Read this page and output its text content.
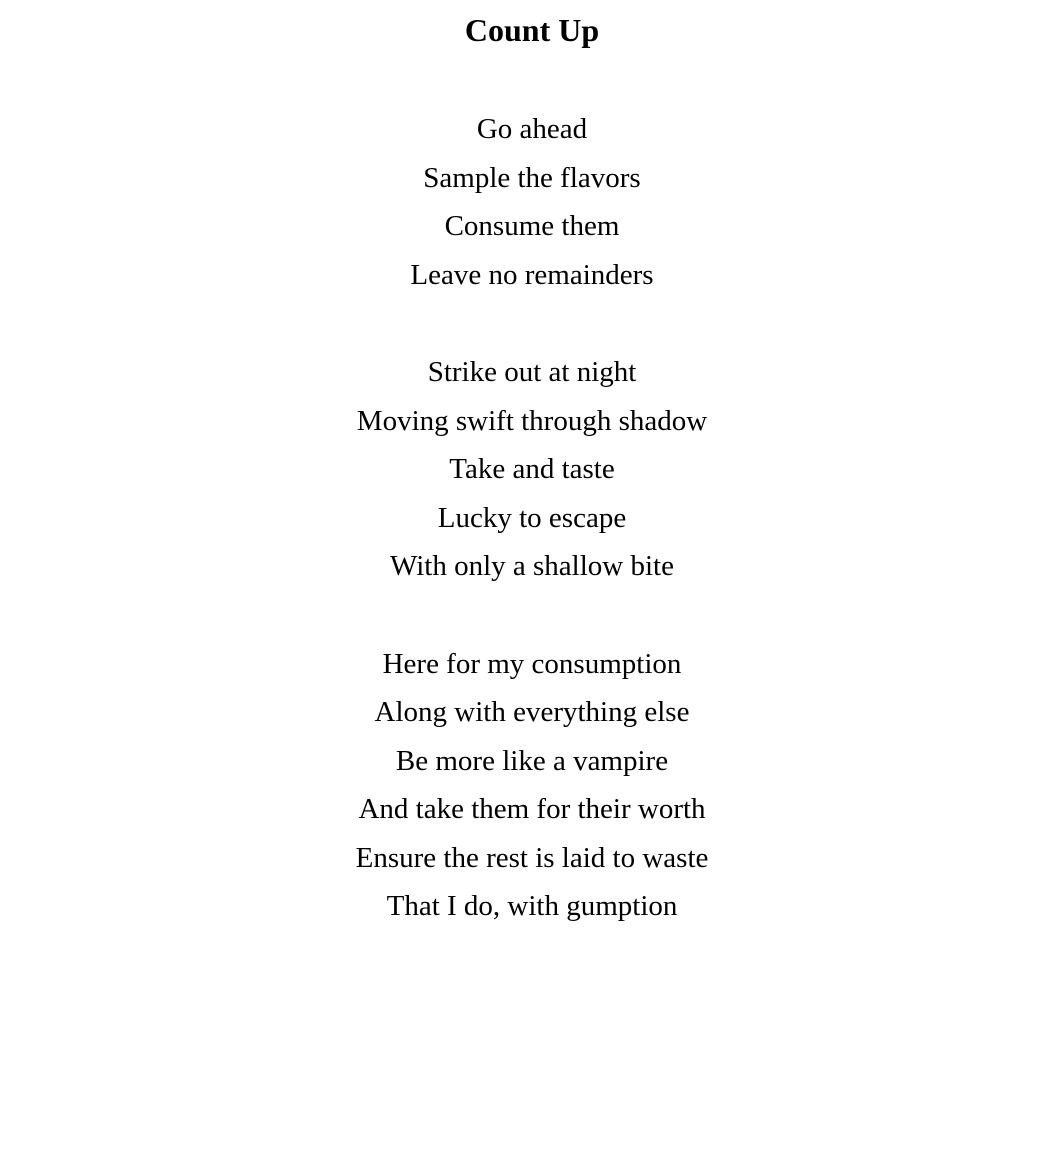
Count Up
Go ahead
Sample the flavors
Consume them
Leave no remainders
Strike out at night
Moving swift through shadow
Take and taste
Lucky to escape
With only a shallow bite
Here for my consumption
Along with everything else
Be more like a vampire
And take them for their worth
Ensure the rest is laid to waste
That I do, with gumption
